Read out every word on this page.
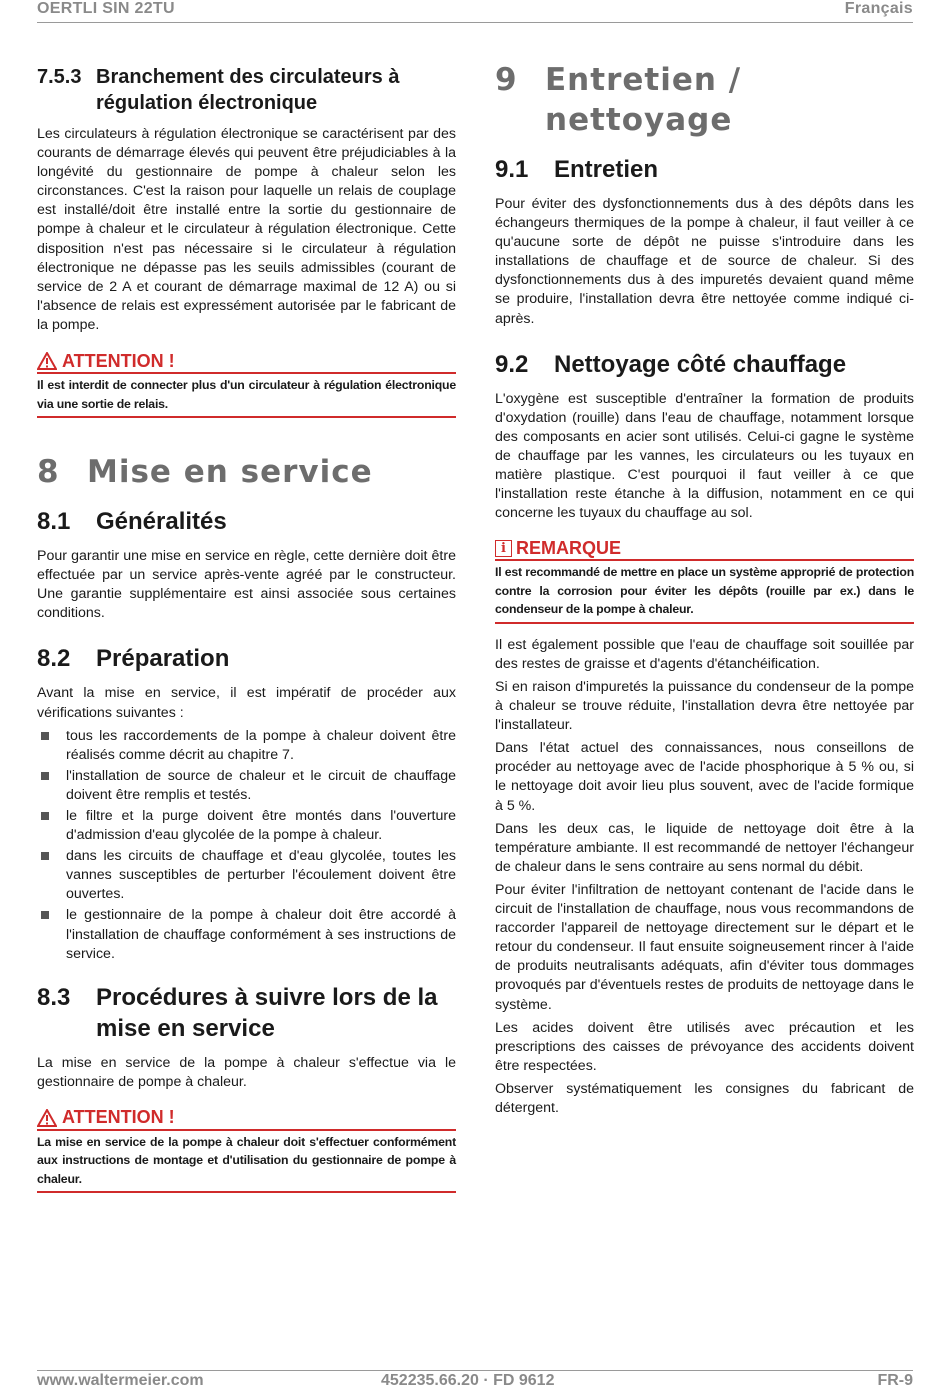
OERTLI SIN 22TU	Français
7.5.3 Branchement des circulateurs à régulation électronique

Les circulateurs à régulation électronique se caractérisent par des courants de démarrage élevés qui peuvent être préjudiciables à la longévité du gestionnaire de pompe à chaleur selon les circonstances. C'est la raison pour laquelle un relais de couplage est installé/doit être installé entre la sortie du gestionnaire de pompe à chaleur et le circulateur à régulation électronique. Cette disposition n'est pas nécessaire si le circulateur à régulation électronique ne dépasse pas les seuils admissibles (courant de service de 2 A et courant de démarrage maximal de 12 A) ou si l'absence de relais est expressément autorisée par le fabricant de la pompe.

ATTENTION !
Il est interdit de connecter plus d'un circulateur à régulation électronique via une sortie de relais.
8 Mise en service
8.1	Généralités

Pour garantir une mise en service en règle, cette dernière doit être effectuée par un service après-vente agréé par le constructeur. Une garantie supplémentaire est ainsi associée sous certaines conditions.

8.2	Préparation

Avant la mise en service, il est impératif de procéder aux vérifications suivantes :

tous les raccordements de la pompe à chaleur doivent être réalisés comme décrit au chapitre 7.
l'installation de source de chaleur et le circuit de chauffage doivent être remplis et testés.
le filtre et la purge doivent être montés dans l'ouverture d'admission d'eau glycolée de la pompe à chaleur.
dans les circuits de chauffage et d'eau glycolée, toutes les vannes susceptibles de perturber l'écoulement doivent être ouvertes.
le gestionnaire de la pompe à chaleur doit être accordé à l'installation de chauffage conformément à ses instructions de service.
8.3	Procédures à suivre lors de la mise en service

La mise en service de la pompe à chaleur s'effectue via le gestionnaire de pompe à chaleur.

ATTENTION !
La mise en service de la pompe à chaleur doit s'effectuer conformément aux instructions de montage et d'utilisation du gestionnaire de pompe à chaleur.
9 Entretien / nettoyage
9.1	Entretien

Pour éviter des dysfonctionnements dus à des dépôts dans les échangeurs thermiques de la pompe à chaleur, il faut veiller à ce qu'aucune sorte de dépôt ne puisse s'introduire dans les installations de chauffage et de source de chaleur. Si des dysfonctionnements dus à des impuretés devaient quand même se produire, l'installation devra être nettoyée comme indiqué ci-après.

9.2	Nettoyage côté chauffage

L'oxygène est susceptible d'entraîner la formation de produits d'oxydation (rouille) dans l'eau de chauffage, notamment lorsque des composants en acier sont utilisés. Celui-ci gagne le système de chauffage par les vannes, les circulateurs ou les tuyaux en matière plastique. C'est pourquoi il faut veiller à ce que l'installation reste étanche à la diffusion, notamment en ce qui concerne les tuyaux du chauffage au sol.

i REMARQUE
Il est recommandé de mettre en place un système approprié de protection contre la corrosion pour éviter les dépôts (rouille par ex.) dans le condenseur de la pompe à chaleur.

Il est également possible que l'eau de chauffage soit souillée par des restes de graisse et d'agents d'étanchéification.

Si en raison d'impuretés la puissance du condenseur de la pompe à chaleur se trouve réduite, l'installation devra être nettoyée par l'installateur.

Dans l'état actuel des connaissances, nous conseillons de procéder au nettoyage avec de l'acide phosphorique à 5 % ou, si le nettoyage doit avoir lieu plus souvent, avec de l'acide formique à 5 %.

Dans les deux cas, le liquide de nettoyage doit être à la température ambiante. Il est recommandé de nettoyer l'échangeur de chaleur dans le sens contraire au sens normal du débit.

Pour éviter l'infiltration de nettoyant contenant de l'acide dans le circuit de l'installation de chauffage, nous vous recommandons de raccorder l'appareil de nettoyage directement sur le départ et le retour du condenseur. Il faut ensuite soigneusement rincer à l'aide de produits neutralisants adéquats, afin d'éviter tous dommages provoqués par d'éventuels restes de produits de nettoyage dans le système.

Les acides doivent être utilisés avec précaution et les prescriptions des caisses de prévoyance des accidents doivent être respectées.

Observer systématiquement les consignes du fabricant de détergent.

www.waltermeier.com	452235.66.20 · FD 9612	FR-9
